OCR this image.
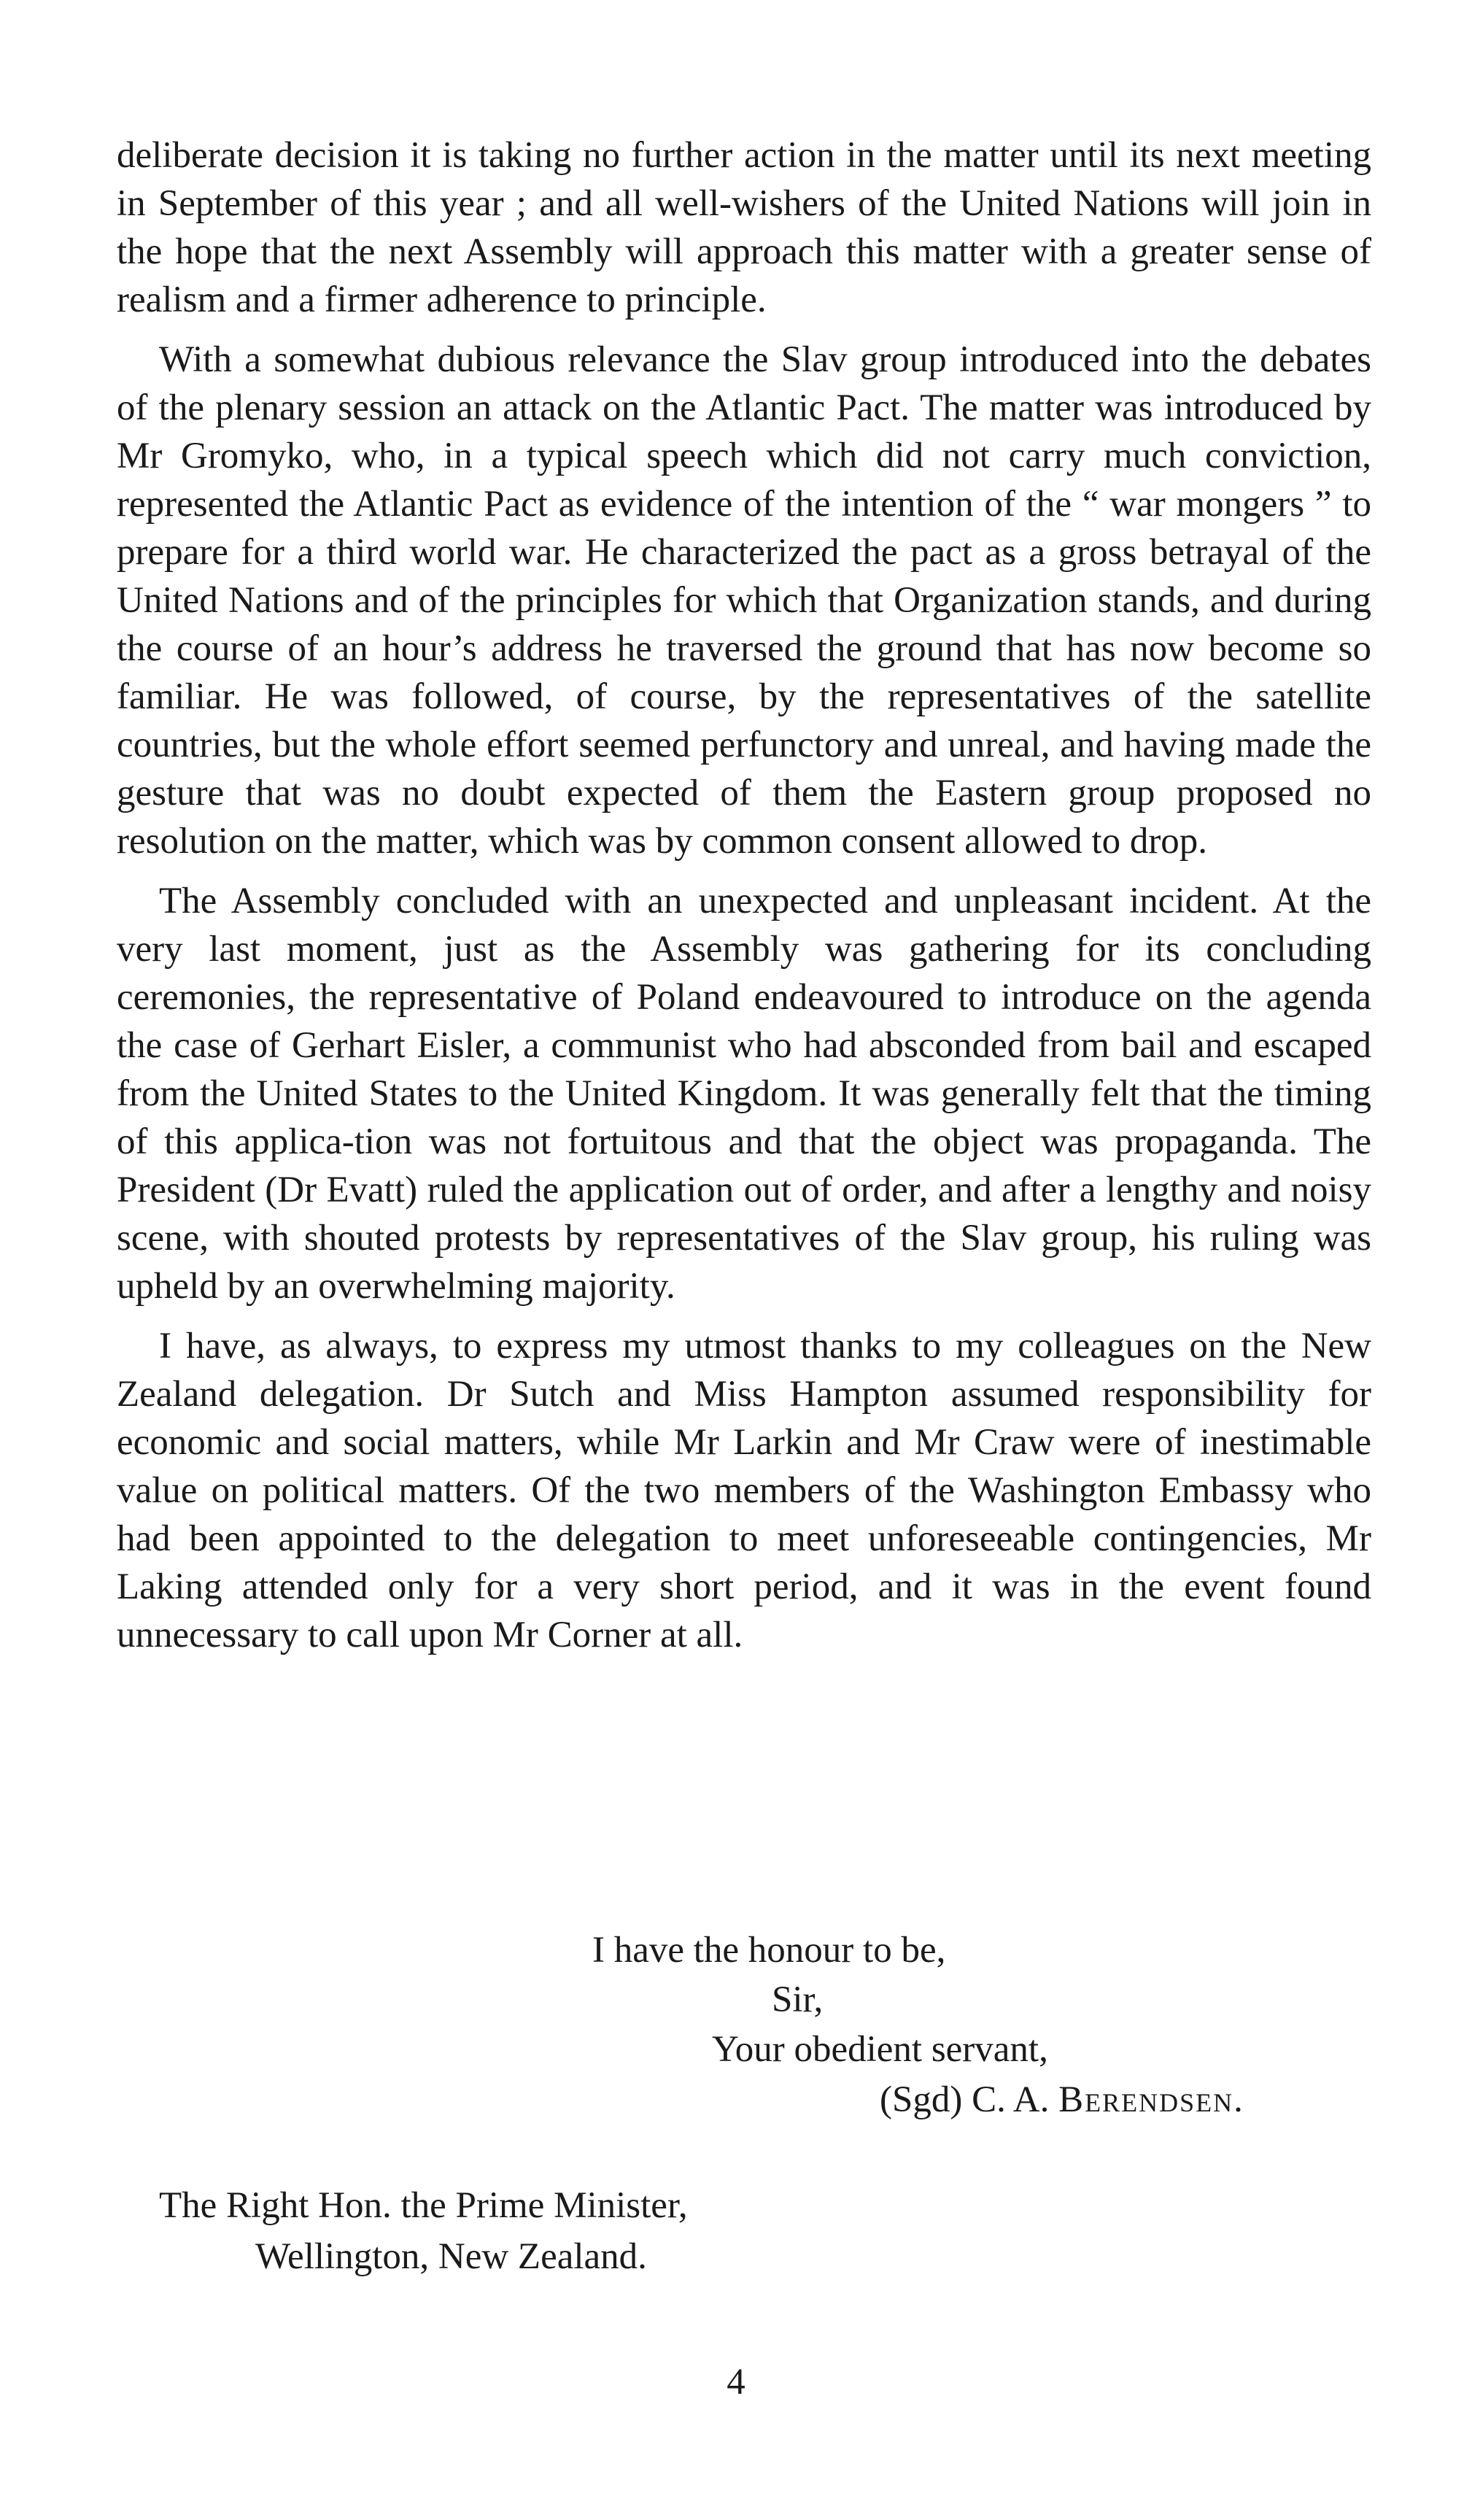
deliberate decision it is taking no further action in the matter until its next meeting in September of this year ; and all well-wishers of the United Nations will join in the hope that the next Assembly will approach this matter with a greater sense of realism and a firmer adherence to principle.

With a somewhat dubious relevance the Slav group introduced into the debates of the plenary session an attack on the Atlantic Pact. The matter was introduced by Mr Gromyko, who, in a typical speech which did not carry much conviction, represented the Atlantic Pact as evidence of the intention of the “ war mongers ” to prepare for a third world war. He characterized the pact as a gross betrayal of the United Nations and of the principles for which that Organization stands, and during the course of an hour’s address he traversed the ground that has now become so familiar. He was followed, of course, by the representatives of the satellite countries, but the whole effort seemed perfunctory and unreal, and having made the gesture that was no doubt expected of them the Eastern group proposed no resolution on the matter, which was by common consent allowed to drop.

The Assembly concluded with an unexpected and unpleasant incident. At the very last moment, just as the Assembly was gathering for its concluding ceremonies, the representative of Poland endeavoured to introduce on the agenda the case of Gerhart Eisler, a communist who had absconded from bail and escaped from the United States to the United Kingdom. It was generally felt that the timing of this applica-tion was not fortuitous and that the object was propaganda. The President (Dr Evatt) ruled the application out of order, and after a lengthy and noisy scene, with shouted protests by representatives of the Slav group, his ruling was upheld by an overwhelming majority.

I have, as always, to express my utmost thanks to my colleagues on the New Zealand delegation. Dr Sutch and Miss Hampton assumed responsibility for economic and social matters, while Mr Larkin and Mr Craw were of inestimable value on political matters. Of the two members of the Washington Embassy who had been appointed to the delegation to meet unforeseeable contingencies, Mr Laking attended only for a very short period, and it was in the event found unnecessary to call upon Mr Corner at all.

I have the honour to be,
Sir,
Your obedient servant,
(Sgd) C. A. Berendsen.
The Right Hon. the Prime Minister,
Wellington, New Zealand.
4
